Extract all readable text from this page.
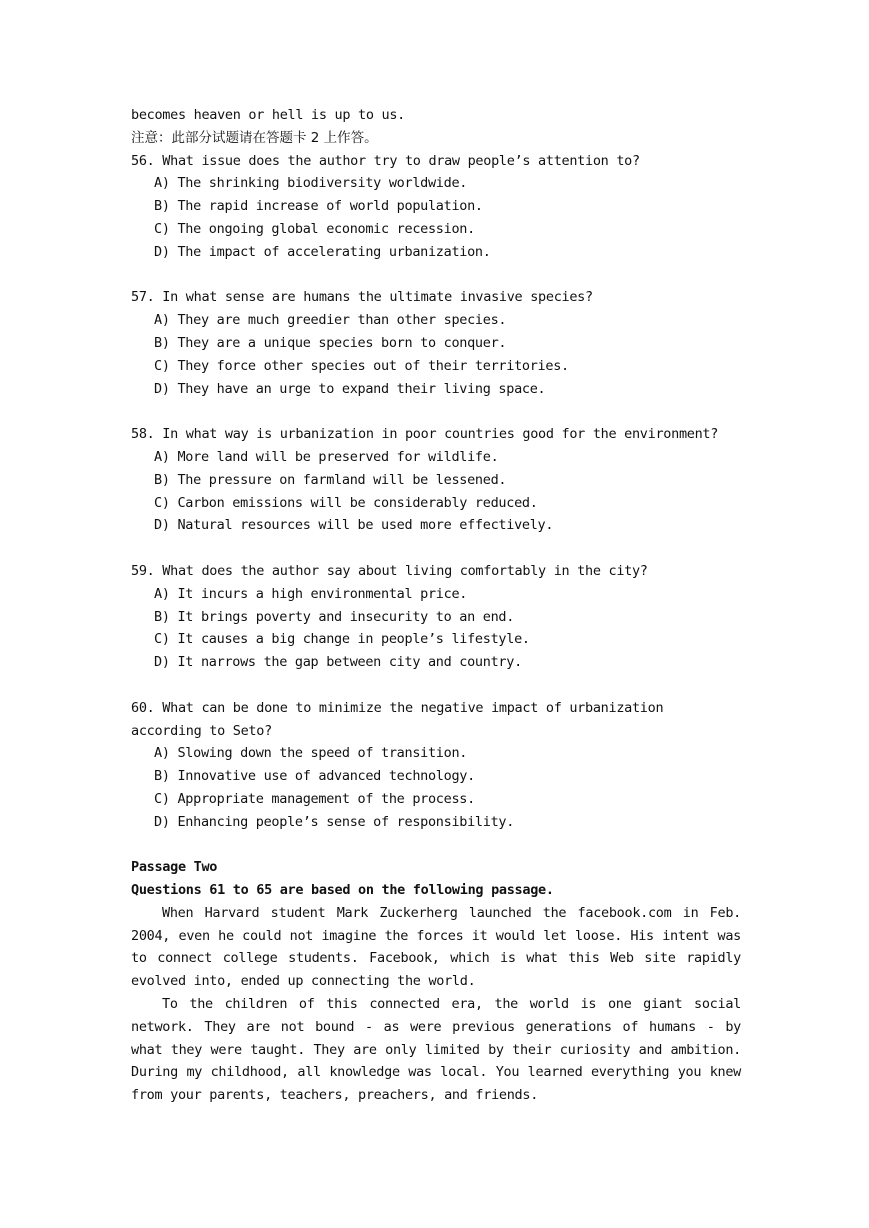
becomes heaven or hell is up to us.
注意：此部分试题请在答题卡 2 上作答。
56. What issue does the author try to draw people’s attention to?
A) The shrinking biodiversity worldwide.
B) The rapid increase of world population.
C) The ongoing global economic recession.
D) The impact of accelerating urbanization.
57. In what sense are humans the ultimate invasive species?
A) They are much greedier than other species.
B) They are a unique species born to conquer.
C) They force other species out of their territories.
D) They have an urge to expand their living space.
58. In what way is urbanization in poor countries good for the environment?
A) More land will be preserved for wildlife.
B) The pressure on farmland will be lessened.
C) Carbon emissions will be considerably reduced.
D) Natural resources will be used more effectively.
59. What does the author say about living comfortably in the city?
A) It incurs a high environmental price.
B) It brings poverty and insecurity to an end.
C) It causes a big change in people’s lifestyle.
D) It narrows the gap between city and country.
60. What can be done to minimize the negative impact of urbanization according to Seto?
A) Slowing down the speed of transition.
B) Innovative use of advanced technology.
C) Appropriate management of the process.
D) Enhancing people’s sense of responsibility.
Passage Two
Questions 61 to 65 are based on the following passage.
When Harvard student Mark Zuckerherg launched the facebook.com in Feb. 2004, even he could not imagine the forces it would let loose. His intent was to connect college students. Facebook, which is what this Web site rapidly evolved into, ended up connecting the world.
To the children of this connected era, the world is one giant social network. They are not bound - as were previous generations of humans - by what they were taught. They are only limited by their curiosity and ambition. During my childhood, all knowledge was local. You learned everything you knew from your parents, teachers, preachers, and friends.
